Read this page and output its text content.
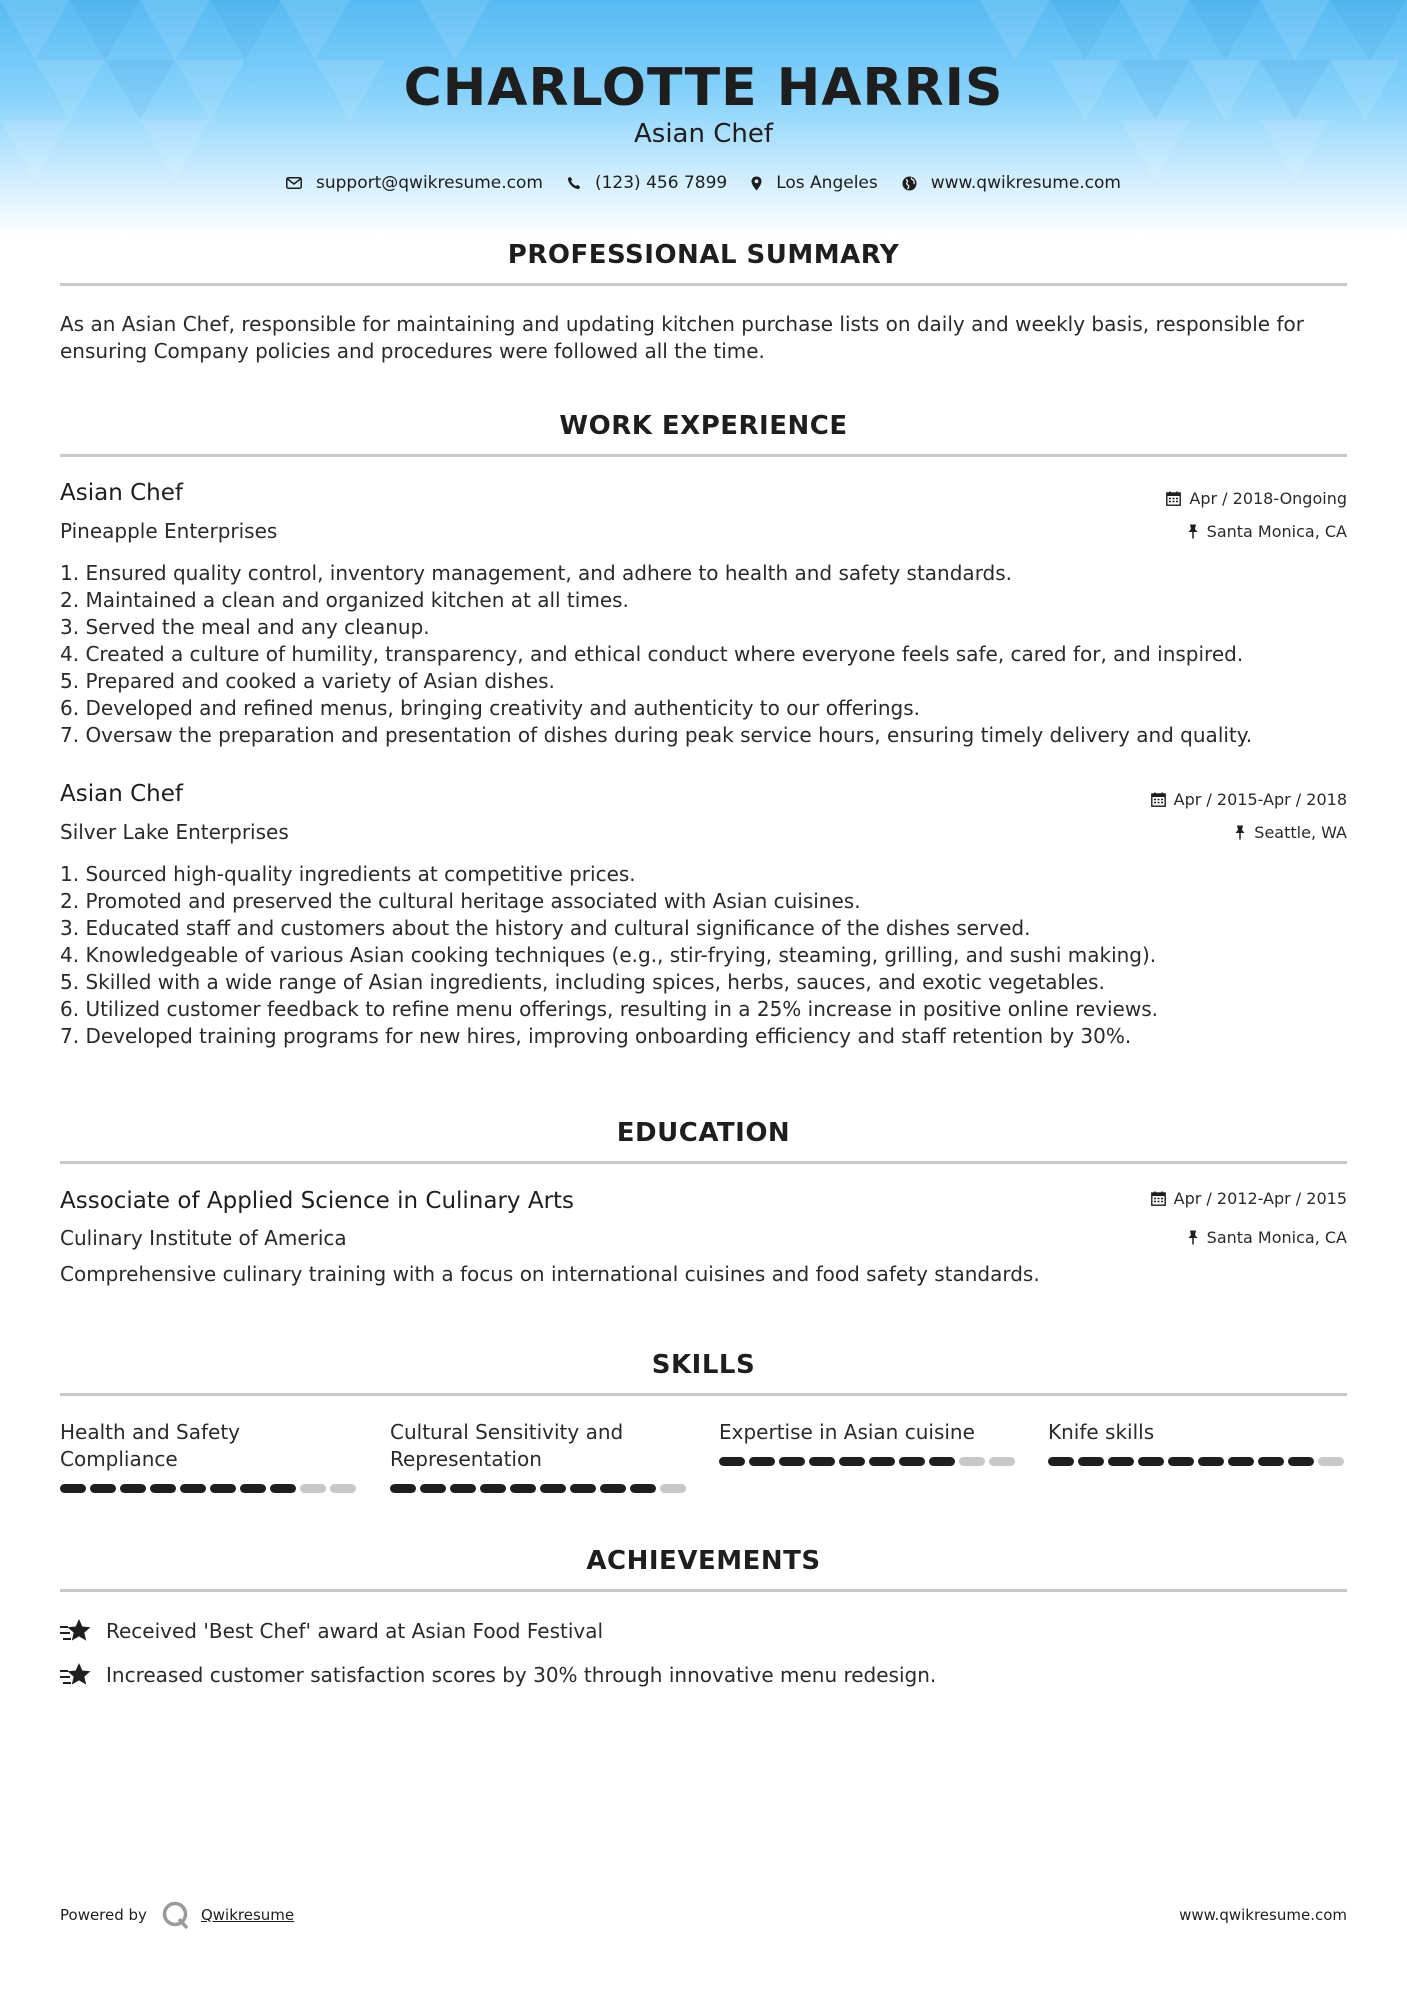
CHARLOTTE HARRIS
Asian Chef
support@qwikresume.com	(123) 456 7899	Los Angeles	www.qwikresume.com
PROFESSIONAL SUMMARY
As an Asian Chef, responsible for maintaining and updating kitchen purchase lists on daily and weekly basis, responsible for ensuring Company policies and procedures were followed all the time.
WORK EXPERIENCE
Asian Chef
Pineapple Enterprises
Apr / 2018-Ongoing
Santa Monica, CA
1. Ensured quality control, inventory management, and adhere to health and safety standards.
2. Maintained a clean and organized kitchen at all times.
3. Served the meal and any cleanup.
4. Created a culture of humility, transparency, and ethical conduct where everyone feels safe, cared for, and inspired.
5. Prepared and cooked a variety of Asian dishes.
6. Developed and refined menus, bringing creativity and authenticity to our offerings.
7. Oversaw the preparation and presentation of dishes during peak service hours, ensuring timely delivery and quality.
Asian Chef
Silver Lake Enterprises
Apr / 2015-Apr / 2018
Seattle, WA
1. Sourced high-quality ingredients at competitive prices.
2. Promoted and preserved the cultural heritage associated with Asian cuisines.
3. Educated staff and customers about the history and cultural significance of the dishes served.
4. Knowledgeable of various Asian cooking techniques (e.g., stir-frying, steaming, grilling, and sushi making).
5. Skilled with a wide range of Asian ingredients, including spices, herbs, sauces, and exotic vegetables.
6. Utilized customer feedback to refine menu offerings, resulting in a 25% increase in positive online reviews.
7. Developed training programs for new hires, improving onboarding efficiency and staff retention by 30%.
EDUCATION
Associate of Applied Science in Culinary Arts
Culinary Institute of America
Apr / 2012-Apr / 2015
Santa Monica, CA
Comprehensive culinary training with a focus on international cuisines and food safety standards.
SKILLS
Health and Safety
Compliance
Cultural Sensitivity and
Representation
Expertise in Asian cuisine	Knife skills
ACHIEVEMENTS
Received 'Best Chef' award at Asian Food Festival
Increased customer satisfaction scores by 30% through innovative menu redesign.
Powered by	Qwikresume	www.qwikresume.com
